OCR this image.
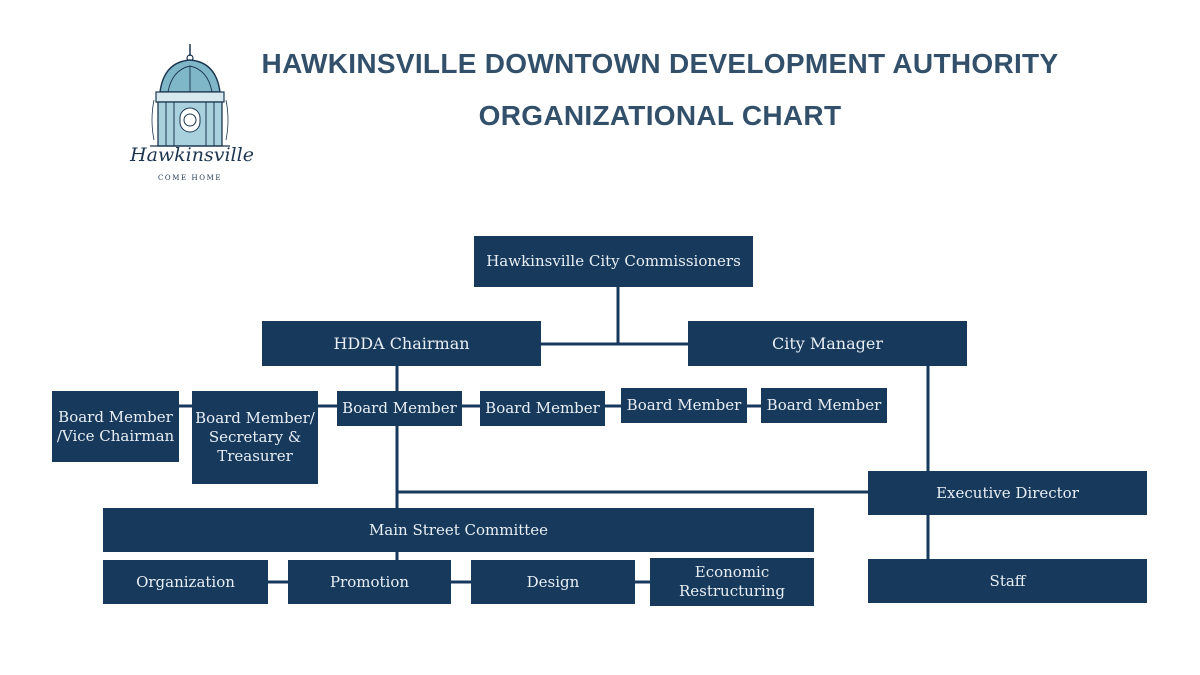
HAWKINSVILLE DOWNTOWN DEVELOPMENT AUTHORITY
ORGANIZATIONAL CHART
Hawkinsville
COME HOME
Hawkinsville City Commissioners
HDDA Chairman	City Manager
Board Member /Vice Chairman
Board Member/ Secretary & Treasurer
Board Member	Board Member	Board Member	Board Member
Executive Director
Main Street Committee
Organization	Promotion	Design
Economic Restructuring
Staff
